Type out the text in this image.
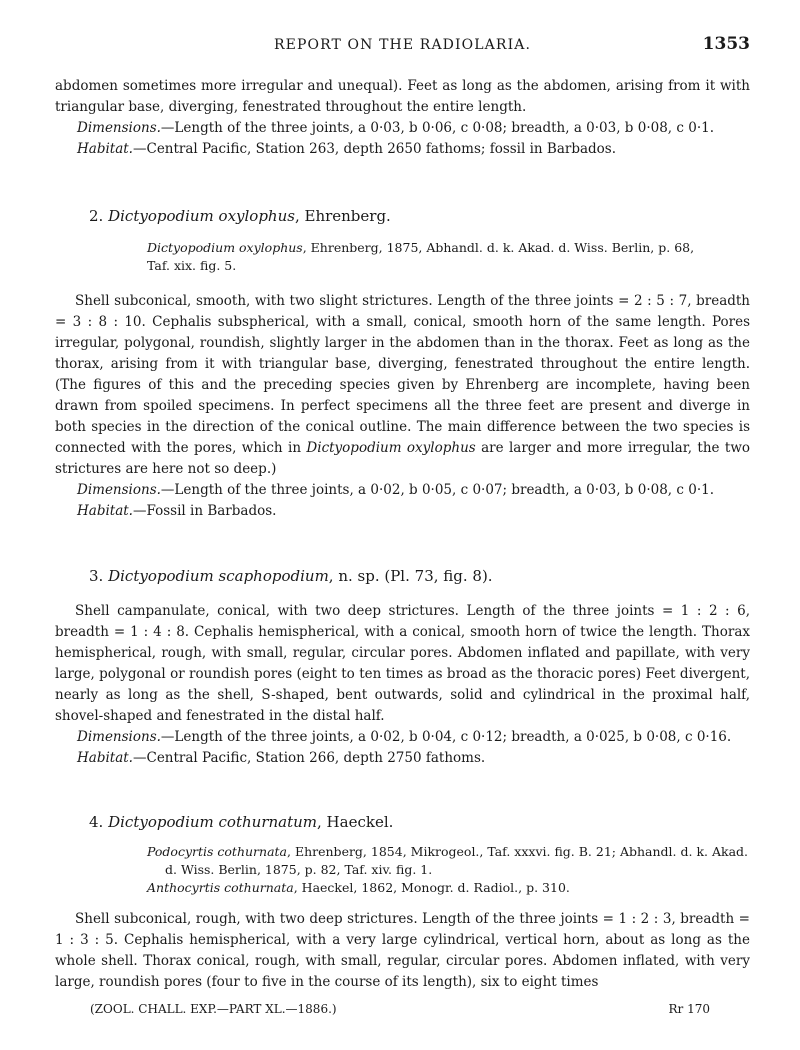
REPORT ON THE RADIOLARIA.	1353

abdomen sometimes more irregular and unequal). Feet as long as the abdomen, arising from it with triangular base, diverging, fenestrated throughout the entire length.

Dimensions.—Length of the three joints, a 0·03, b 0·06, c 0·08; breadth, a 0·03, b 0·08, c 0·1.

Habitat.—Central Pacific, Station 263, depth 2650 fathoms; fossil in Barbados.

2. Dictyopodium oxylophus, Ehrenberg.

Dictyopodium oxylophus, Ehrenberg, 1875, Abhandl. d. k. Akad. d. Wiss. Berlin, p. 68,
Taf. xix. fig. 5.

Shell subconical, smooth, with two slight strictures. Length of the three joints = 2 : 5 : 7, breadth = 3 : 8 : 10. Cephalis subspherical, with a small, conical, smooth horn of the same length. Pores irregular, polygonal, roundish, slightly larger in the abdomen than in the thorax. Feet as long as the thorax, arising from it with triangular base, diverging, fenestrated throughout the entire length. (The figures of this and the preceding species given by Ehrenberg are incomplete, having been drawn from spoiled specimens. In perfect specimens all the three feet are present and diverge in both species in the direction of the conical outline. The main difference between the two species is connected with the pores, which in Dictyopodium oxylophus are larger and more irregular, the two strictures are here not so deep.)

Dimensions.—Length of the three joints, a 0·02, b 0·05, c 0·07; breadth, a 0·03, b 0·08, c 0·1.

Habitat.—Fossil in Barbados.

3. Dictyopodium scaphopodium, n. sp. (Pl. 73, fig. 8).

Shell campanulate, conical, with two deep strictures. Length of the three joints = 1 : 2 : 6, breadth = 1 : 4 : 8. Cephalis hemispherical, with a conical, smooth horn of twice the length. Thorax hemispherical, rough, with small, regular, circular pores. Abdomen inflated and papillate, with very large, polygonal or roundish pores (eight to ten times as broad as the thoracic pores) Feet divergent, nearly as long as the shell, S-shaped, bent outwards, solid and cylindrical in the proximal half, shovel-shaped and fenestrated in the distal half.

Dimensions.—Length of the three joints, a 0·02, b 0·04, c 0·12; breadth, a 0·025, b 0·08, c 0·16.

Habitat.—Central Pacific, Station 266, depth 2750 fathoms.

4. Dictyopodium cothurnatum, Haeckel.

Podocyrtis cothurnata, Ehrenberg, 1854, Mikrogeol., Taf. xxxvi. fig. B. 21; Abhandl. d. k. Akad.
d. Wiss. Berlin, 1875, p. 82, Taf. xiv. fig. 1.

Anthocyrtis cothurnata, Haeckel, 1862, Monogr. d. Radiol., p. 310.

Shell subconical, rough, with two deep strictures. Length of the three joints = 1 : 2 : 3, breadth = 1 : 3 : 5. Cephalis hemispherical, with a very large cylindrical, vertical horn, about as long as the whole shell. Thorax conical, rough, with small, regular, circular pores. Abdomen inflated, with very large, roundish pores (four to five in the course of its length), six to eight times

(ZOOL. CHALL. EXP.—PART XL.—1886.)	Rr 170
